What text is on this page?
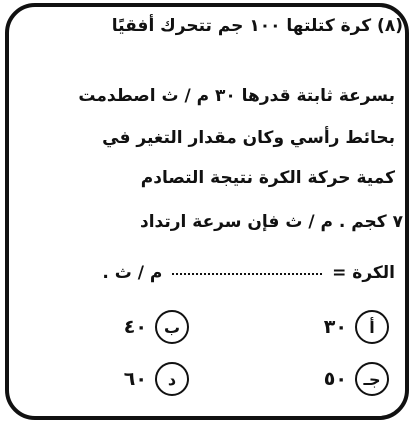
(٨) كرة كتلتها ١٠٠ جم تتحرك أفقيًا
بسرعة ثابتة قدرها ٣٠ م / ث اصطدمت
بحائط رأسي وكان مقدار التغير في
كمية حركة الكرة نتيجة التصادم
٧ كجم . م / ث فإن سرعة ارتداد
الكرة =  م / ث .
أ
٣٠
ب
٤٠
جـ
٥٠
د
٦٠
